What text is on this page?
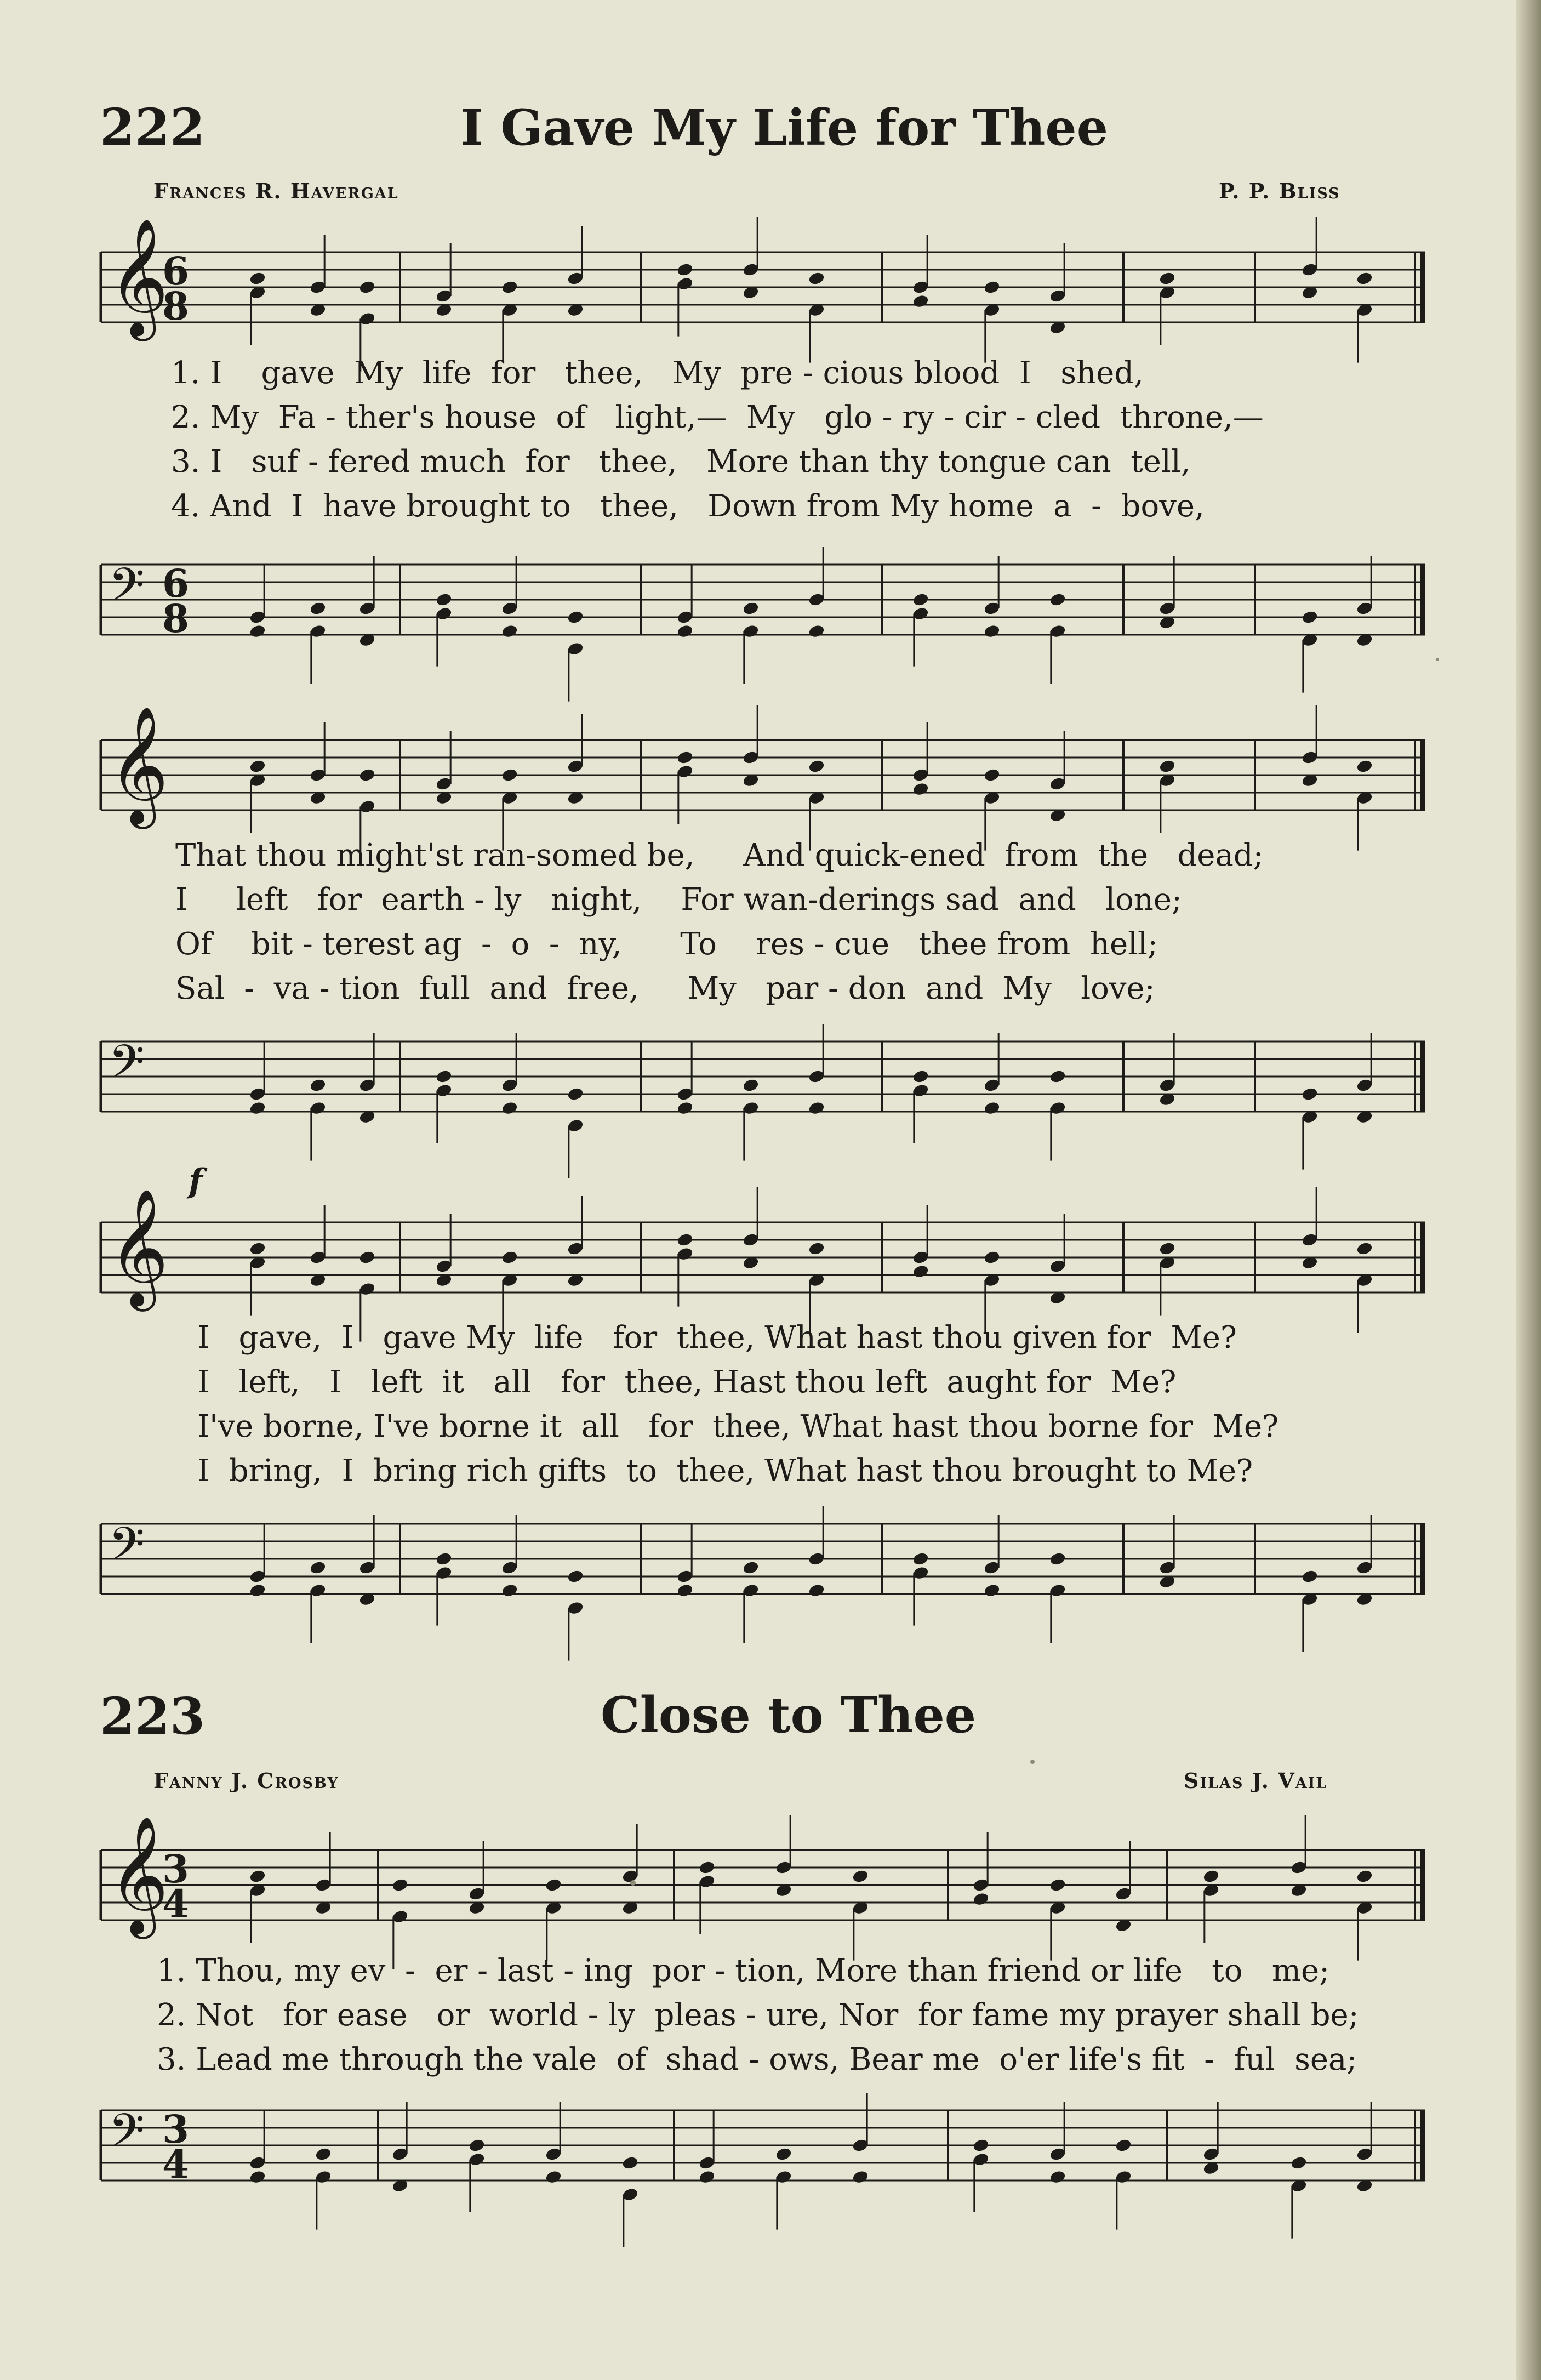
222	I Gave My Life for Thee
Frances R. Havergal	P. P. Bliss
𝄞
6
8
1. I    gave  My  life  for   thee,   My  pre - cious blood  I   shed,
2. My  Fa - ther's house  of   light,—  My   glo - ry - cir - cled  throne,—
3. I   suf - fered much  for   thee,   More than thy tongue can  tell,
4. And  I  have brought to   thee,   Down from My home  a  -  bove,
𝄢 6
8
𝄞
That thou might'st ran-somed be,     And quick-ened  from  the   dead;
I     left   for  earth - ly   night,    For wan-derings sad  and   lone;
Of    bit - terest ag  -  o  -  ny,      To    res - cue   thee from  hell;
Sal  -  va - tion  full  and  free,     My   par - don  and  My   love;
𝄢
f
𝄞
I   gave,  I   gave My  life   for  thee, What hast thou given for  Me?
I   left,   I   left  it   all   for  thee, Hast thou left  aught for  Me?
I've borne, I've borne it  all   for  thee, What hast thou borne for  Me?
I  bring,  I  bring rich gifts  to  thee, What hast thou brought to Me?
𝄢
223	Close to Thee
Fanny J. Crosby	Silas J. Vail
𝄞
3
4
1. Thou, my ev  -  er - last - ing  por - tion, More than friend or life   to   me;
2. Not   for ease   or  world - ly  pleas - ure, Nor  for fame my prayer shall be;
3. Lead me through the vale  of  shad - ows, Bear me  o'er life's fit  -  ful  sea;
𝄢 3
4
